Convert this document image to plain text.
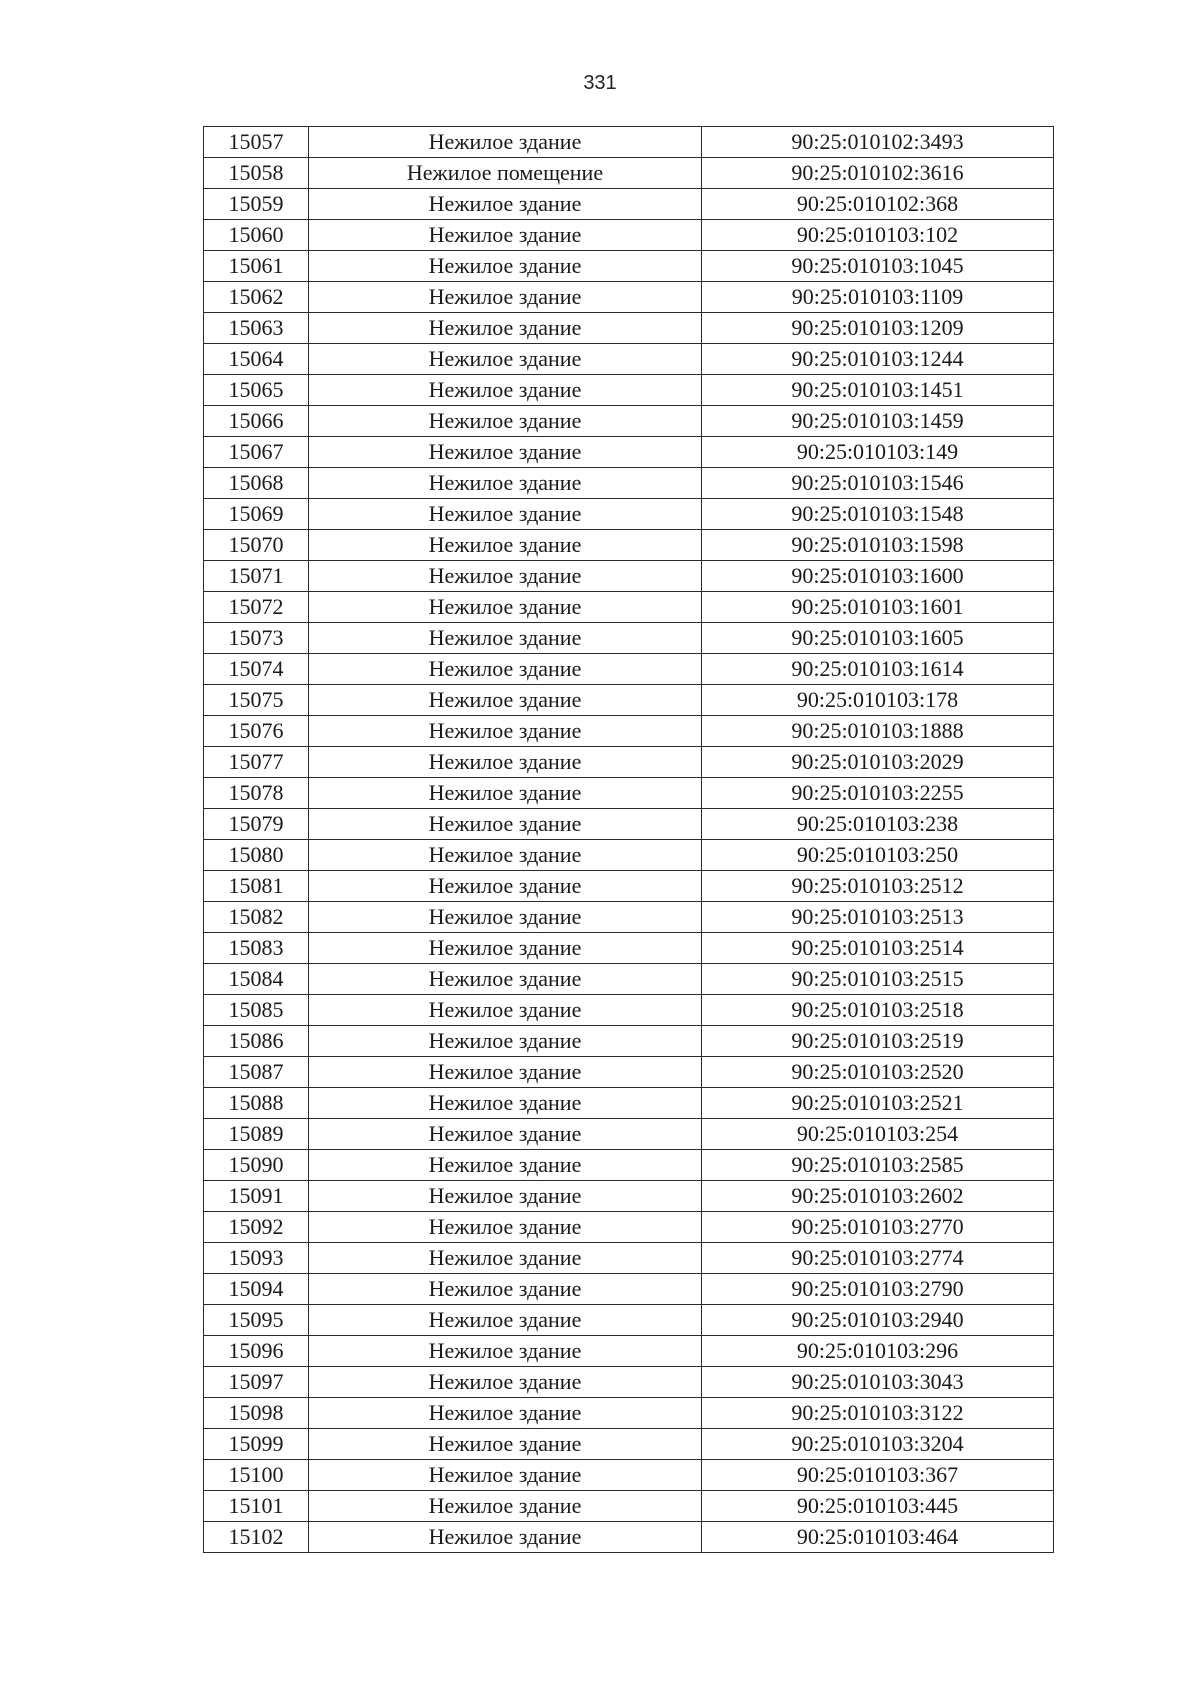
331
15057	Нежилое здание	90:25:010102:3493
15058	Нежилое помещение	90:25:010102:3616
15059	Нежилое здание	90:25:010102:368
15060	Нежилое здание	90:25:010103:102
15061	Нежилое здание	90:25:010103:1045
15062	Нежилое здание	90:25:010103:1109
15063	Нежилое здание	90:25:010103:1209
15064	Нежилое здание	90:25:010103:1244
15065	Нежилое здание	90:25:010103:1451
15066	Нежилое здание	90:25:010103:1459
15067	Нежилое здание	90:25:010103:149
15068	Нежилое здание	90:25:010103:1546
15069	Нежилое здание	90:25:010103:1548
15070	Нежилое здание	90:25:010103:1598
15071	Нежилое здание	90:25:010103:1600
15072	Нежилое здание	90:25:010103:1601
15073	Нежилое здание	90:25:010103:1605
15074	Нежилое здание	90:25:010103:1614
15075	Нежилое здание	90:25:010103:178
15076	Нежилое здание	90:25:010103:1888
15077	Нежилое здание	90:25:010103:2029
15078	Нежилое здание	90:25:010103:2255
15079	Нежилое здание	90:25:010103:238
15080	Нежилое здание	90:25:010103:250
15081	Нежилое здание	90:25:010103:2512
15082	Нежилое здание	90:25:010103:2513
15083	Нежилое здание	90:25:010103:2514
15084	Нежилое здание	90:25:010103:2515
15085	Нежилое здание	90:25:010103:2518
15086	Нежилое здание	90:25:010103:2519
15087	Нежилое здание	90:25:010103:2520
15088	Нежилое здание	90:25:010103:2521
15089	Нежилое здание	90:25:010103:254
15090	Нежилое здание	90:25:010103:2585
15091	Нежилое здание	90:25:010103:2602
15092	Нежилое здание	90:25:010103:2770
15093	Нежилое здание	90:25:010103:2774
15094	Нежилое здание	90:25:010103:2790
15095	Нежилое здание	90:25:010103:2940
15096	Нежилое здание	90:25:010103:296
15097	Нежилое здание	90:25:010103:3043
15098	Нежилое здание	90:25:010103:3122
15099	Нежилое здание	90:25:010103:3204
15100	Нежилое здание	90:25:010103:367
15101	Нежилое здание	90:25:010103:445
15102	Нежилое здание	90:25:010103:464
